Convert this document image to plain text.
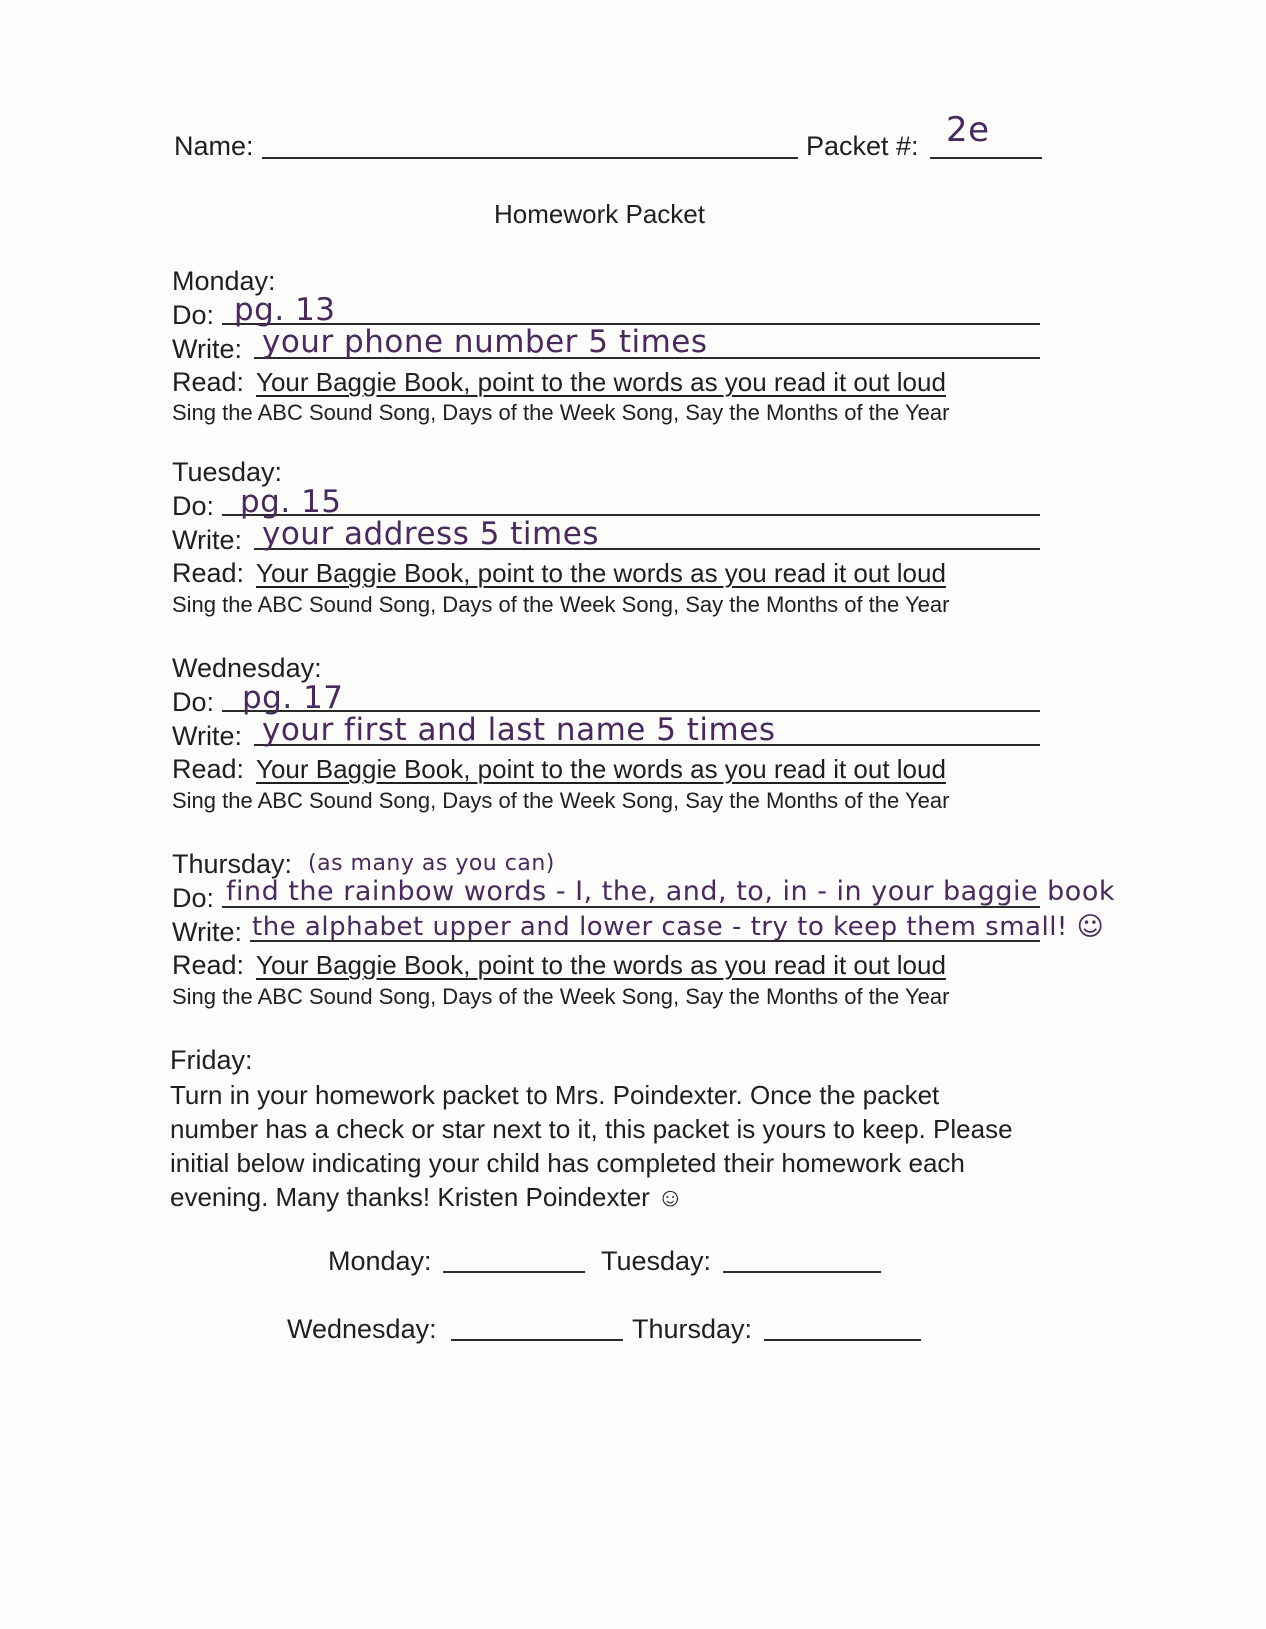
Name:	Packet #: 2e
Homework Packet
Monday:
Do: pg. 13
Write: your phone number 5 times
Read: Your Baggie Book, point to the words as you read it out loud
Sing the ABC Sound Song, Days of the Week Song, Say the Months of the Year
Tuesday:
Do: pg. 15
Write: your address 5 times
Read: Your Baggie Book, point to the words as you read it out loud
Sing the ABC Sound Song, Days of the Week Song, Say the Months of the Year
Wednesday:
Do: pg. 17
Write: your first and last name 5 times
Read: Your Baggie Book, point to the words as you read it out loud
Sing the ABC Sound Song, Days of the Week Song, Say the Months of the Year
Thursday: (as many as you can)
Do: find the rainbow words - I, the, and, to, in - in your baggie book
Write: the alphabet upper and lower case - try to keep them small! ☺
Read: Your Baggie Book, point to the words as you read it out loud
Sing the ABC Sound Song, Days of the Week Song, Say the Months of the Year
Friday:
Turn in your homework packet to Mrs. Poindexter. Once the packet number has a check or star next to it, this packet is yours to keep. Please initial below indicating your child has completed their homework each evening. Many thanks! Kristen Poindexter ☺
Monday:	Tuesday:
Wednesday:	Thursday:
